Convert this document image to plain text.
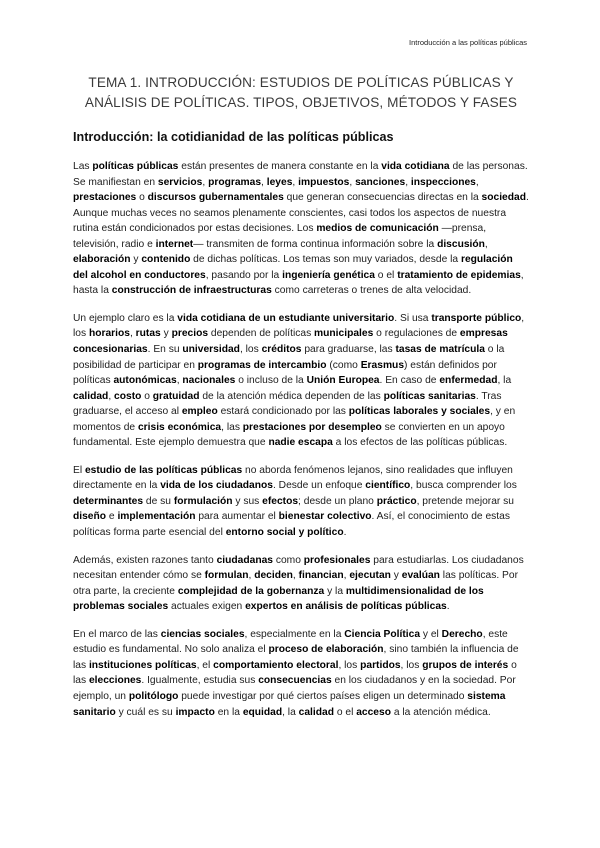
Introducción a las políticas públicas
TEMA 1. INTRODUCCIÓN: ESTUDIOS DE POLÍTICAS PÚBLICAS Y ANÁLISIS DE POLÍTICAS. TIPOS, OBJETIVOS, MÉTODOS Y FASES
Introducción: la cotidianidad de las políticas públicas

Las políticas públicas están presentes de manera constante en la vida cotidiana de las personas. Se manifiestan en servicios, programas, leyes, impuestos, sanciones, inspecciones, prestaciones o discursos gubernamentales que generan consecuencias directas en la sociedad. Aunque muchas veces no seamos plenamente conscientes, casi todos los aspectos de nuestra rutina están condicionados por estas decisiones. Los medios de comunicación —prensa, televisión, radio e internet— transmiten de forma continua información sobre la discusión, elaboración y contenido de dichas políticas. Los temas son muy variados, desde la regulación del alcohol en conductores, pasando por la ingeniería genética o el tratamiento de epidemias, hasta la construcción de infraestructuras como carreteras o trenes de alta velocidad.

Un ejemplo claro es la vida cotidiana de un estudiante universitario. Si usa transporte público, los horarios, rutas y precios dependen de políticas municipales o regulaciones de empresas concesionarias. En su universidad, los créditos para graduarse, las tasas de matrícula o la posibilidad de participar en programas de intercambio (como Erasmus) están definidos por políticas autonómicas, nacionales o incluso de la Unión Europea. En caso de enfermedad, la calidad, costo o gratuidad de la atención médica dependen de las políticas sanitarias. Tras graduarse, el acceso al empleo estará condicionado por las políticas laborales y sociales, y en momentos de crisis económica, las prestaciones por desempleo se convierten en un apoyo fundamental. Este ejemplo demuestra que nadie escapa a los efectos de las políticas públicas.

El estudio de las políticas públicas no aborda fenómenos lejanos, sino realidades que influyen directamente en la vida de los ciudadanos. Desde un enfoque científico, busca comprender los determinantes de su formulación y sus efectos; desde un plano práctico, pretende mejorar su diseño e implementación para aumentar el bienestar colectivo. Así, el conocimiento de estas políticas forma parte esencial del entorno social y político.

Además, existen razones tanto ciudadanas como profesionales para estudiarlas. Los ciudadanos necesitan entender cómo se formulan, deciden, financian, ejecutan y evalúan las políticas. Por otra parte, la creciente complejidad de la gobernanza y la multidimensionalidad de los problemas sociales actuales exigen expertos en análisis de políticas públicas.

En el marco de las ciencias sociales, especialmente en la Ciencia Política y el Derecho, este estudio es fundamental. No solo analiza el proceso de elaboración, sino también la influencia de las instituciones políticas, el comportamiento electoral, los partidos, los grupos de interés o las elecciones. Igualmente, estudia sus consecuencias en los ciudadanos y en la sociedad. Por ejemplo, un politólogo puede investigar por qué ciertos países eligen un determinado sistema sanitario y cuál es su impacto en la equidad, la calidad o el acceso a la atención médica.
